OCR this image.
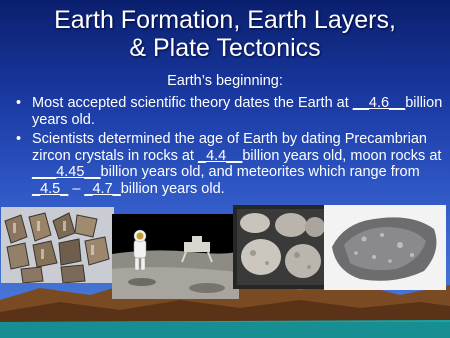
Earth Formation, Earth Layers,
& Plate Tectonics
Earth’s beginning:
• Most accepted scientific theory dates the Earth at __4.6__billion years old.
• Scientists determined the age of Earth by dating Precambrian zircon crystals in rocks at _4.4__billion years old, moon rocks at ___4.45__billion years old, and meteorites which range from _4.5_ – _4.7_billion years old.
